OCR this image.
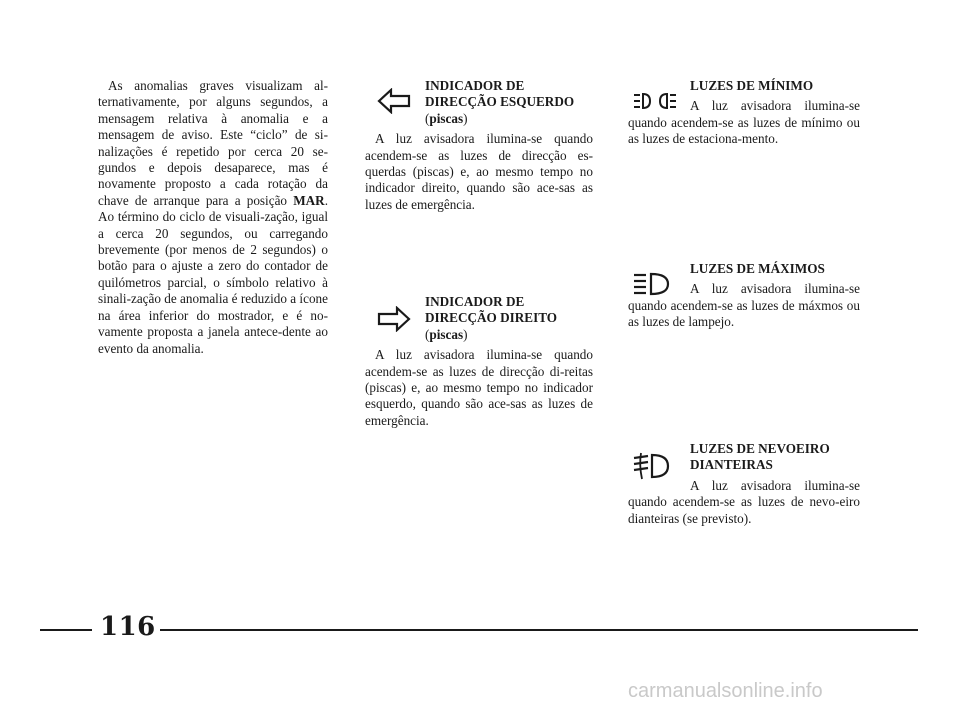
As anomalias graves visualizam al-ternativamente, por alguns segundos, a mensagem relativa à anomalia e a mensagem de aviso. Este “ciclo” de si-nalizações é repetido por cerca 20 se-gundos e depois desaparece, mas é novamente proposto a cada rotação da chave de arranque para a posição MAR. Ao término do ciclo de visuali-zação, igual a cerca 20 segundos, ou carregando brevemente (por menos de 2 segundos) o botão para o ajuste a zero do contador de quilómetros parcial, o símbolo relativo à sinali-zação de anomalia é reduzido a ícone na área inferior do mostrador, e é no-vamente proposta a janela antece-dente ao evento da anomalia.

INDICADOR DE
DIRECÇÃO ESQUERDO
(piscas)

A luz avisadora ilumina-se quando acendem-se as luzes de direcção es-querdas (piscas) e, ao mesmo tempo no indicador direito, quando são ace-sas as luzes de emergência.

INDICADOR DE
DIRECÇÃO DIREITO
(piscas)

A luz avisadora ilumina-se quando acendem-se as luzes de direcção di-reitas (piscas) e, ao mesmo tempo no indicador esquerdo, quando são ace-sas as luzes de emergência.

LUZES DE MÍNIMO

A luz avisadora ilumina-se quando acendem-se as luzes de mínimo ou as luzes de estaciona-mento.

LUZES DE MÁXIMOS

A luz avisadora ilumina-se quando acendem-se as luzes de máxmos ou as luzes de lampejo.

LUZES DE NEVOEIRO
DIANTEIRAS

A luz avisadora ilumina-se quando acendem-se as luzes de nevo-eiro dianteiras (se previsto).

116
carmanualsonline.info
